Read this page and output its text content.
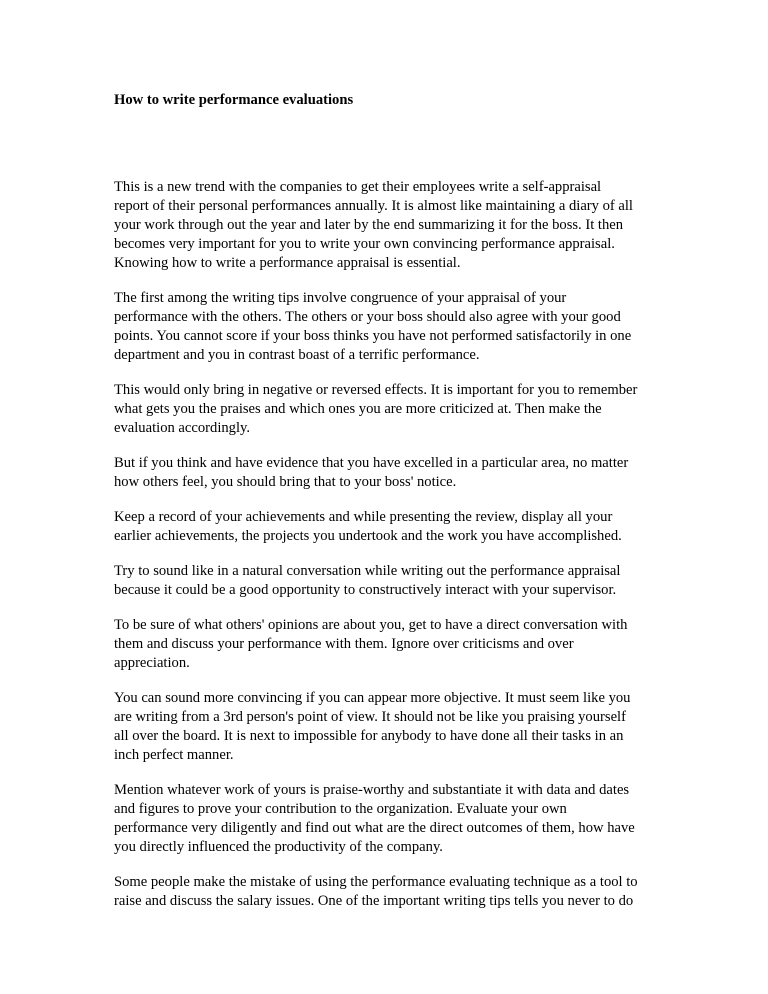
How to write performance evaluations

This is a new trend with the companies to get their employees write a self-appraisal
report of their personal performances annually. It is almost like maintaining a diary of all
your work through out the year and later by the end summarizing it for the boss. It then
becomes very important for you to write your own convincing performance appraisal.
Knowing how to write a performance appraisal is essential.

The first among the writing tips involve congruence of your appraisal of your
performance with the others. The others or your boss should also agree with your good
points. You cannot score if your boss thinks you have not performed satisfactorily in one
department and you in contrast boast of a terrific performance.

This would only bring in negative or reversed effects. It is important for you to remember
what gets you the praises and which ones you are more criticized at. Then make the
evaluation accordingly.

But if you think and have evidence that you have excelled in a particular area, no matter
how others feel, you should bring that to your boss' notice.

Keep a record of your achievements and while presenting the review, display all your
earlier achievements, the projects you undertook and the work you have accomplished.

Try to sound like in a natural conversation while writing out the performance appraisal
because it could be a good opportunity to constructively interact with your supervisor.

To be sure of what others' opinions are about you, get to have a direct conversation with
them and discuss your performance with them. Ignore over criticisms and over
appreciation.

You can sound more convincing if you can appear more objective. It must seem like you
are writing from a 3rd person's point of view. It should not be like you praising yourself
all over the board. It is next to impossible for anybody to have done all their tasks in an
inch perfect manner.

Mention whatever work of yours is praise-worthy and substantiate it with data and dates
and figures to prove your contribution to the organization. Evaluate your own
performance very diligently and find out what are the direct outcomes of them, how have
you directly influenced the productivity of the company.

Some people make the mistake of using the performance evaluating technique as a tool to
raise and discuss the salary issues. One of the important writing tips tells you never to do
